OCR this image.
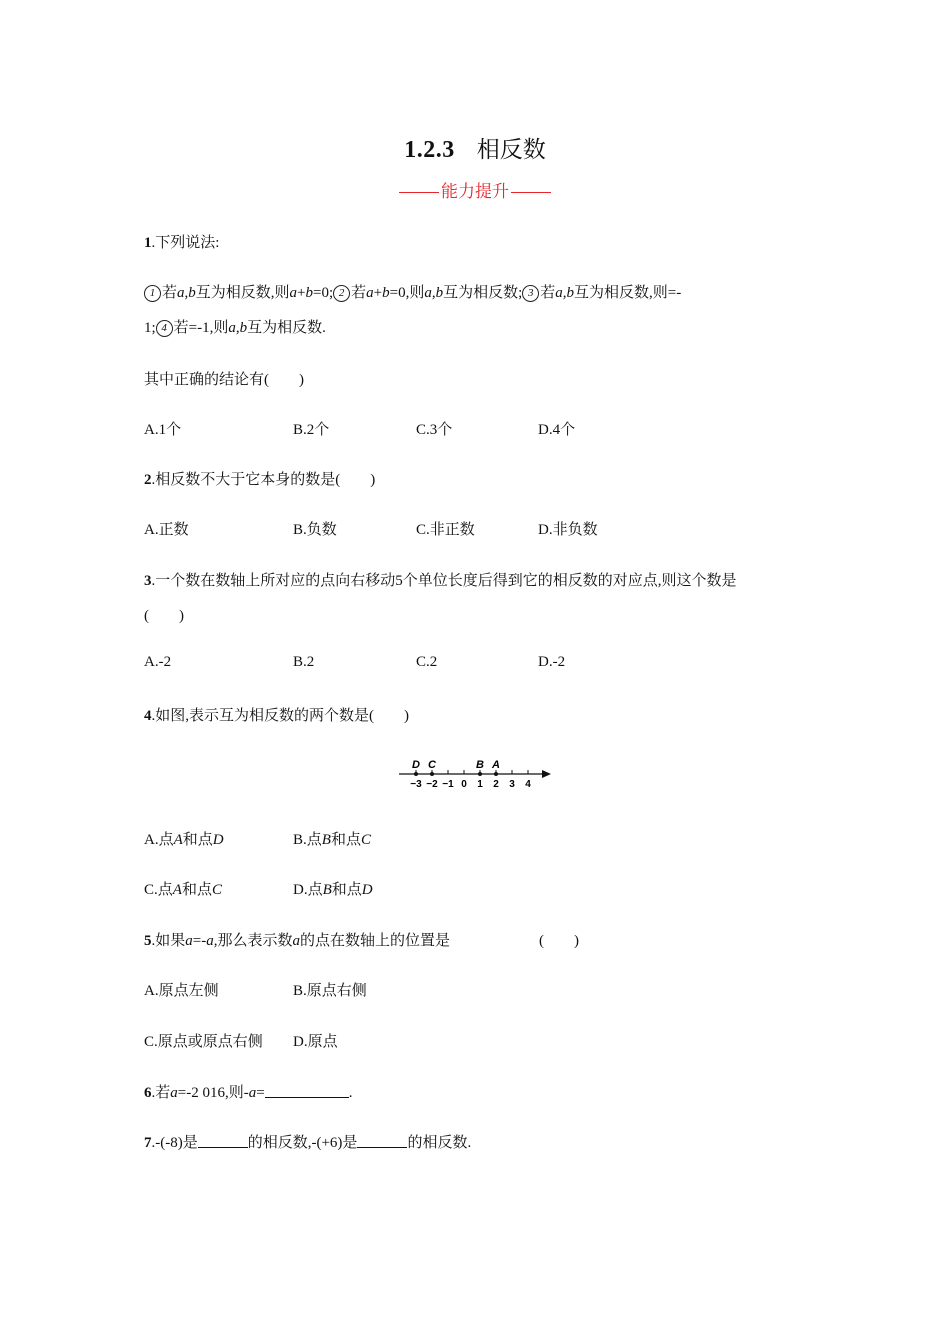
1.2.3 相反数
能力提升
1.下列说法:
1 若a,b互为相反数,则a+b=0; 2 若a+b=0,则a,b互为相反数; 3 若a,b互为相反数,则=-
1; 4 若=-1,则a,b互为相反数.
其中正确的结论有(　　)
A.1个	B.2个	C.3个	D.4个
2.相反数不大于它本身的数是(　　)
A.正数	B.负数	C.非正数	D.非负数
3.一个数在数轴上所对应的点向右移动5个单位长度后得到它的相反数的对应点,则这个数是
(　　)
A.-2	B.2	C.2	D.-2
4.如图,表示互为相反数的两个数是(　　)
D C	B A
−3 −2 −1 0 1 2 3 4
A.点A和点D	B.点B和点C
C.点A和点C	D.点B和点D
5.如果a=-a,那么表示数a的点在数轴上的位置是	(　　)
A.原点左侧	B.原点右侧
C.原点或原点右侧 D.原点
6.若a=-2 016,则-a=	.
7.-(-8)是	的相反数,-(+6)是	的相反数.
